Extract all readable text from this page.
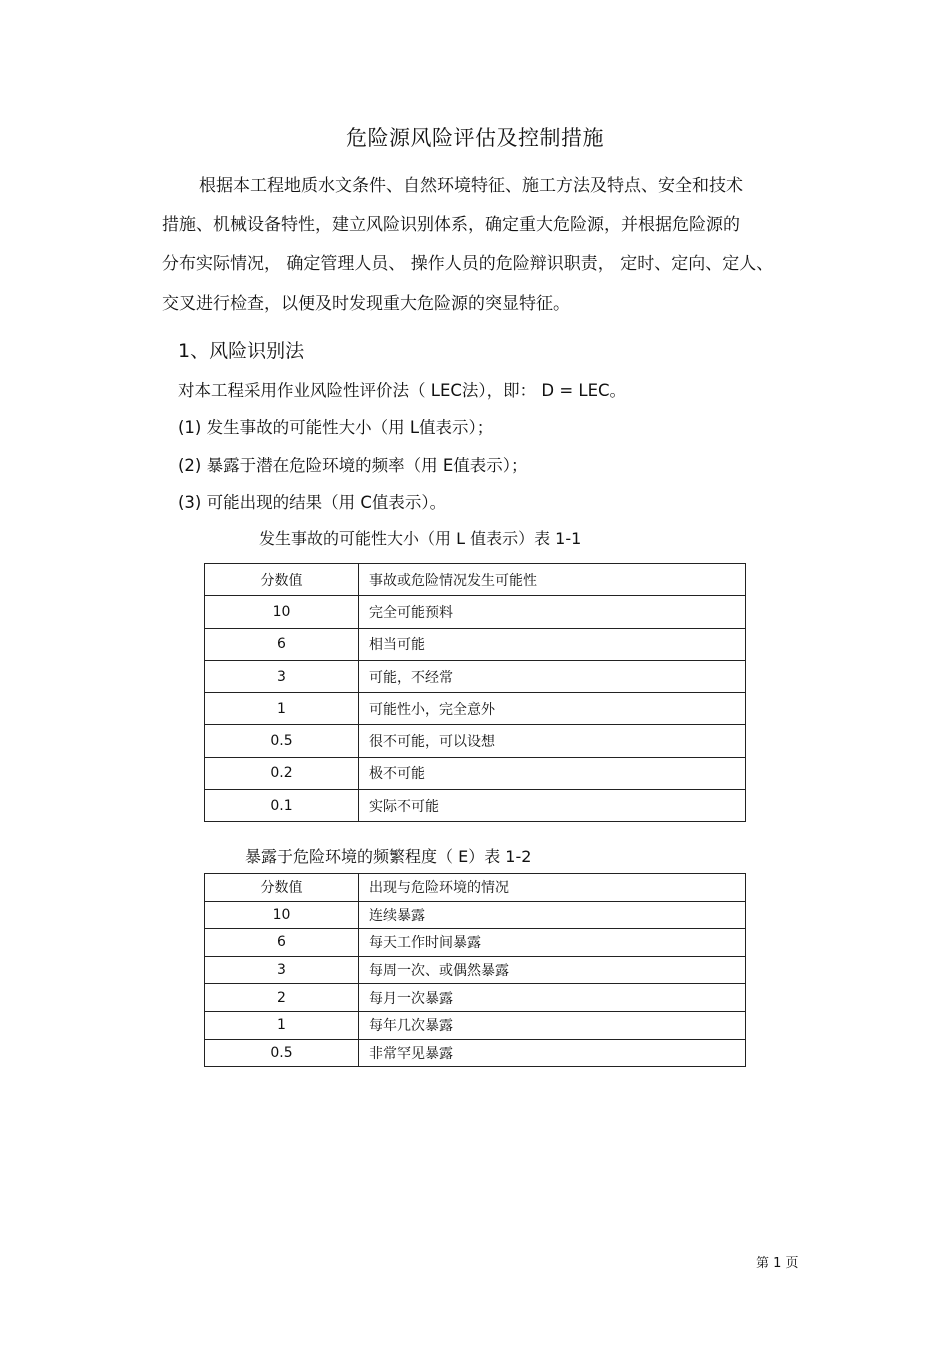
危险源风险评估及控制措施
根据本工程地质水文条件、自然环境特征、施工方法及特点、安全和技术
措施、机械设备特性，建立风险识别体系，确定重大危险源，并根据危险源的
分布实际情况， 确定管理人员、 操作人员的危险辩识职责， 定时、定向、定人、
交叉进行检查，以便及时发现重大危险源的突显特征。
1、风险识别法
对本工程采用作业风险性评价法（ LEC法），即： D = LEC。
(1) 发生事故的可能性大小（用 L值表示）；
(2) 暴露于潜在危险环境的频率（用 E值表示）；
(3) 可能出现的结果（用 C值表示）。
发生事故的可能性大小（用 L 值表示）表 1-1
分数值	事故或危险情况发生可能性
10	完全可能预料
6	相当可能
3	可能，不经常
1	可能性小，完全意外
0.5	很不可能，可以设想
0.2	极不可能
0.1	实际不可能
暴露于危险环境的频繁程度（ E）表 1-2
分数值	出现与危险环境的情况
10	连续暴露
6	每天工作时间暴露
3	每周一次、或偶然暴露
2	每月一次暴露
1	每年几次暴露
0.5	非常罕见暴露
第 1 页
